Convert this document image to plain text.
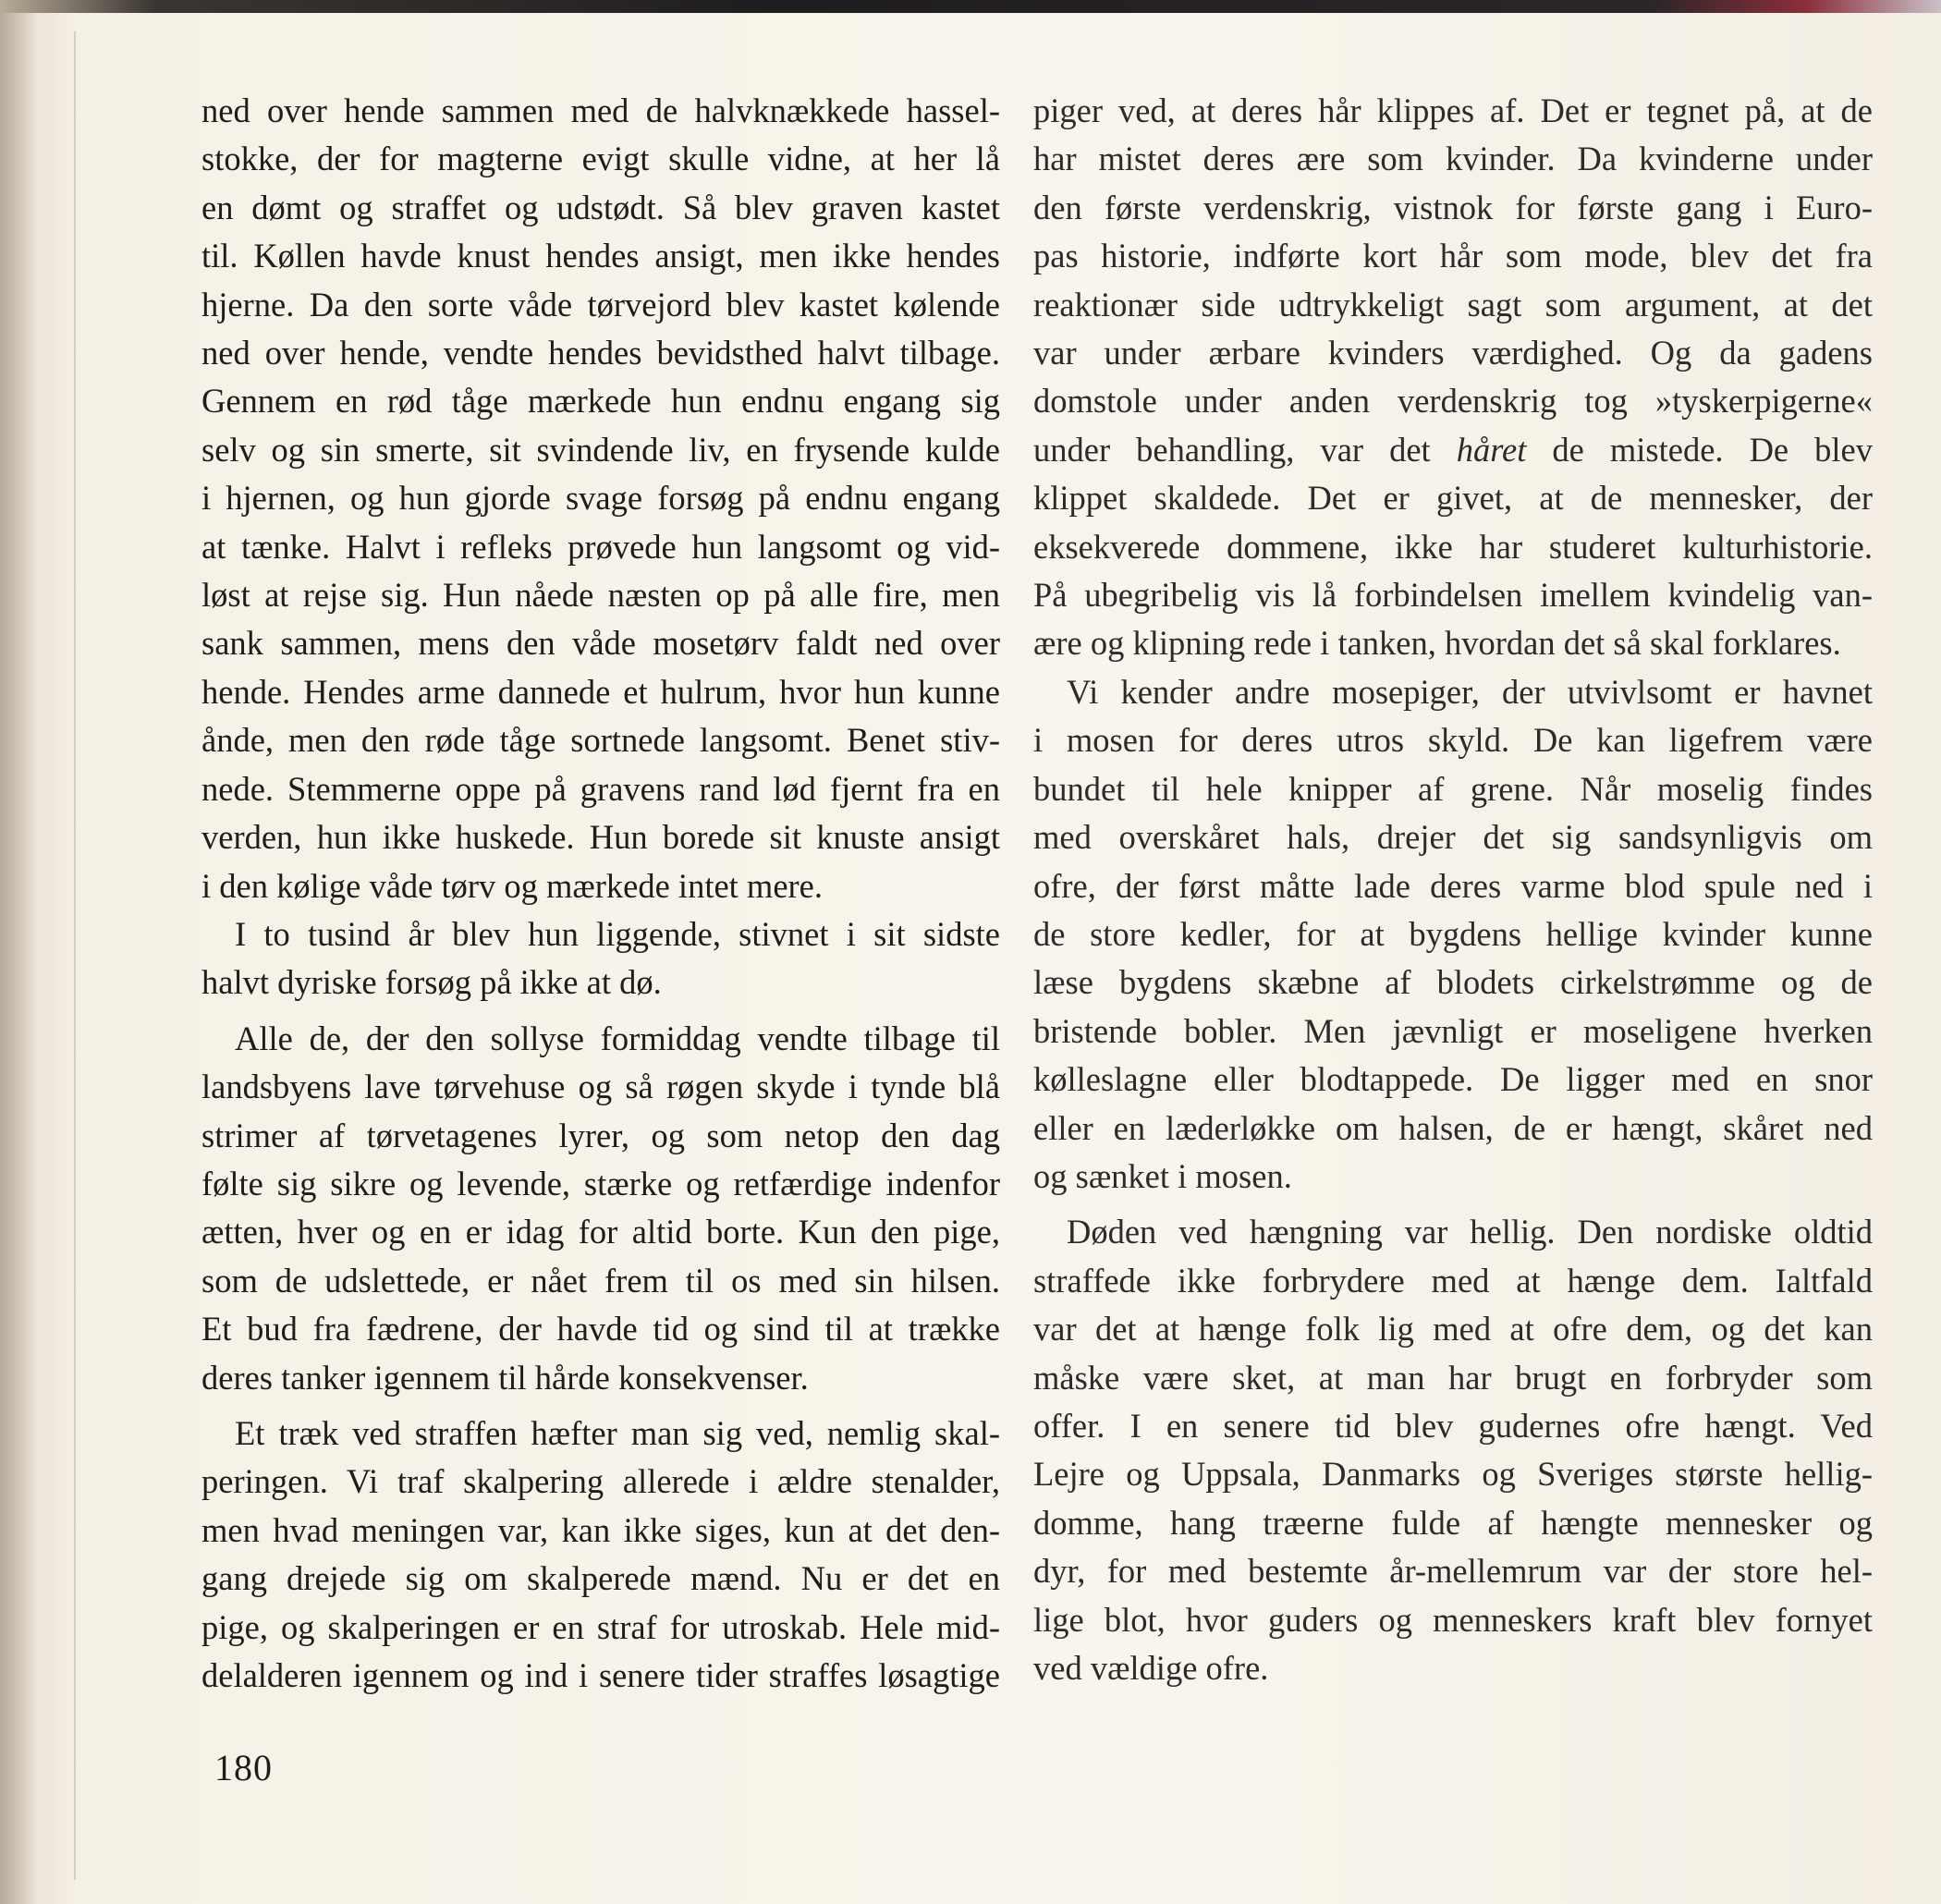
ned over hende sammen med de halvknækkede hassel-

stokke, der for magterne evigt skulle vidne, at her lå

en dømt og straffet og udstødt. Så blev graven kastet

til. Køllen havde knust hendes ansigt, men ikke hendes

hjerne. Da den sorte våde tørvejord blev kastet kølende

ned over hende, vendte hendes bevidsthed halvt tilbage.

Gennem en rød tåge mærkede hun endnu engang sig

selv og sin smerte, sit svindende liv, en frysende kulde

i hjernen, og hun gjorde svage forsøg på endnu engang

at tænke. Halvt i refleks prøvede hun langsomt og vid-

løst at rejse sig. Hun nåede næsten op på alle fire, men

sank sammen, mens den våde mosetørv faldt ned over

hende. Hendes arme dannede et hulrum, hvor hun kunne

ånde, men den røde tåge sortnede langsomt. Benet stiv-

nede. Stemmerne oppe på gravens rand lød fjernt fra en

verden, hun ikke huskede. Hun borede sit knuste ansigt

i den kølige våde tørv og mærkede intet mere.

I to tusind år blev hun liggende, stivnet i sit sidste

halvt dyriske forsøg på ikke at dø.

Alle de, der den sollyse formiddag vendte tilbage til

landsbyens lave tørvehuse og så røgen skyde i tynde blå

strimer af tørvetagenes lyrer, og som netop den dag

følte sig sikre og levende, stærke og retfærdige indenfor

ætten, hver og en er idag for altid borte. Kun den pige,

som de udslettede, er nået frem til os med sin hilsen.

Et bud fra fædrene, der havde tid og sind til at trække

deres tanker igennem til hårde konsekvenser.

Et træk ved straffen hæfter man sig ved, nemlig skal-

peringen. Vi traf skalpering allerede i ældre stenalder,

men hvad meningen var, kan ikke siges, kun at det den-

gang drejede sig om skalperede mænd. Nu er det en

pige, og skalperingen er en straf for utroskab. Hele mid-

delalderen igennem og ind i senere tider straffes løsagtige

piger ved, at deres hår klippes af. Det er tegnet på, at de

har mistet deres ære som kvinder. Da kvinderne under

den første verdenskrig, vistnok for første gang i Euro-

pas historie, indførte kort hår som mode, blev det fra

reaktionær side udtrykkeligt sagt som argument, at det

var under ærbare kvinders værdighed. Og da gadens

domstole under anden verdenskrig tog »tyskerpigerne«

under behandling, var det håret de mistede. De blev

klippet skaldede. Det er givet, at de mennesker, der

eksekverede dommene, ikke har studeret kulturhistorie.

På ubegribelig vis lå forbindelsen imellem kvindelig van-

ære og klipning rede i tanken, hvordan det så skal forklares.

Vi kender andre mosepiger, der utvivlsomt er havnet

i mosen for deres utros skyld. De kan ligefrem være

bundet til hele knipper af grene. Når moselig findes

med overskåret hals, drejer det sig sandsynligvis om

ofre, der først måtte lade deres varme blod spule ned i

de store kedler, for at bygdens hellige kvinder kunne

læse bygdens skæbne af blodets cirkelstrømme og de

bristende bobler. Men jævnligt er moseligene hverken

kølleslagne eller blodtappede. De ligger med en snor

eller en læderløkke om halsen, de er hængt, skåret ned

og sænket i mosen.

Døden ved hængning var hellig. Den nordiske oldtid

straffede ikke forbrydere med at hænge dem. Ialtfald

var det at hænge folk lig med at ofre dem, og det kan

måske være sket, at man har brugt en forbryder som

offer. I en senere tid blev gudernes ofre hængt. Ved

Lejre og Uppsala, Danmarks og Sveriges største hellig-

domme, hang træerne fulde af hængte mennesker og

dyr, for med bestemte år-mellemrum var der store hel-

lige blot, hvor guders og menneskers kraft blev fornyet

ved vældige ofre.

180
